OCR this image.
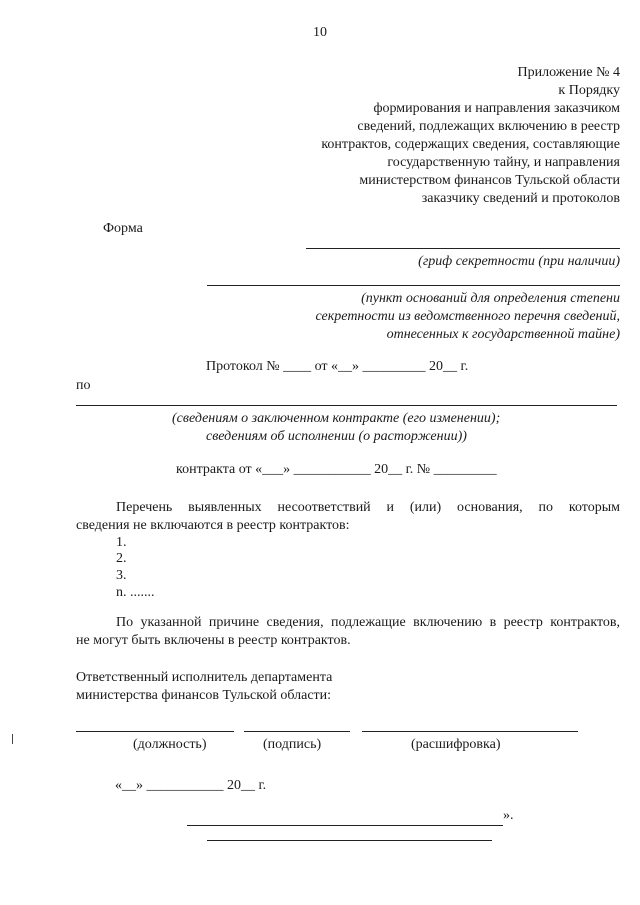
10
Приложение № 4
к Порядку
формирования и направления заказчиком
сведений, подлежащих включению в реестр
контрактов, содержащих сведения, составляющие
государственную тайну, и направления
министерством финансов Тульской области
заказчику сведений и протоколов
Форма
(гриф секретности (при наличии)
(пункт оснований для определения степени
секретности из ведомственного перечня сведений,
отнесенных к государственной тайне)
Протокол № ____ от «__» _________ 20__ г.
по
(сведениям о заключенном контракте (его изменении);
сведениям об исполнении (о расторжении))
контракта от «___» ___________ 20__ г. № _________
Перечень выявленных несоответствий и (или) основания, по которым
сведения не включаются в реестр контрактов:
1.
2.
3.
n. .......
По указанной причине сведения, подлежащие включению в реестр контрактов,
не могут быть включены в реестр контрактов.
Ответственный исполнитель департамента
министерства финансов Тульской области:
(должность)	(подпись)	(расшифровка)
«__» ___________ 20__ г.
».
